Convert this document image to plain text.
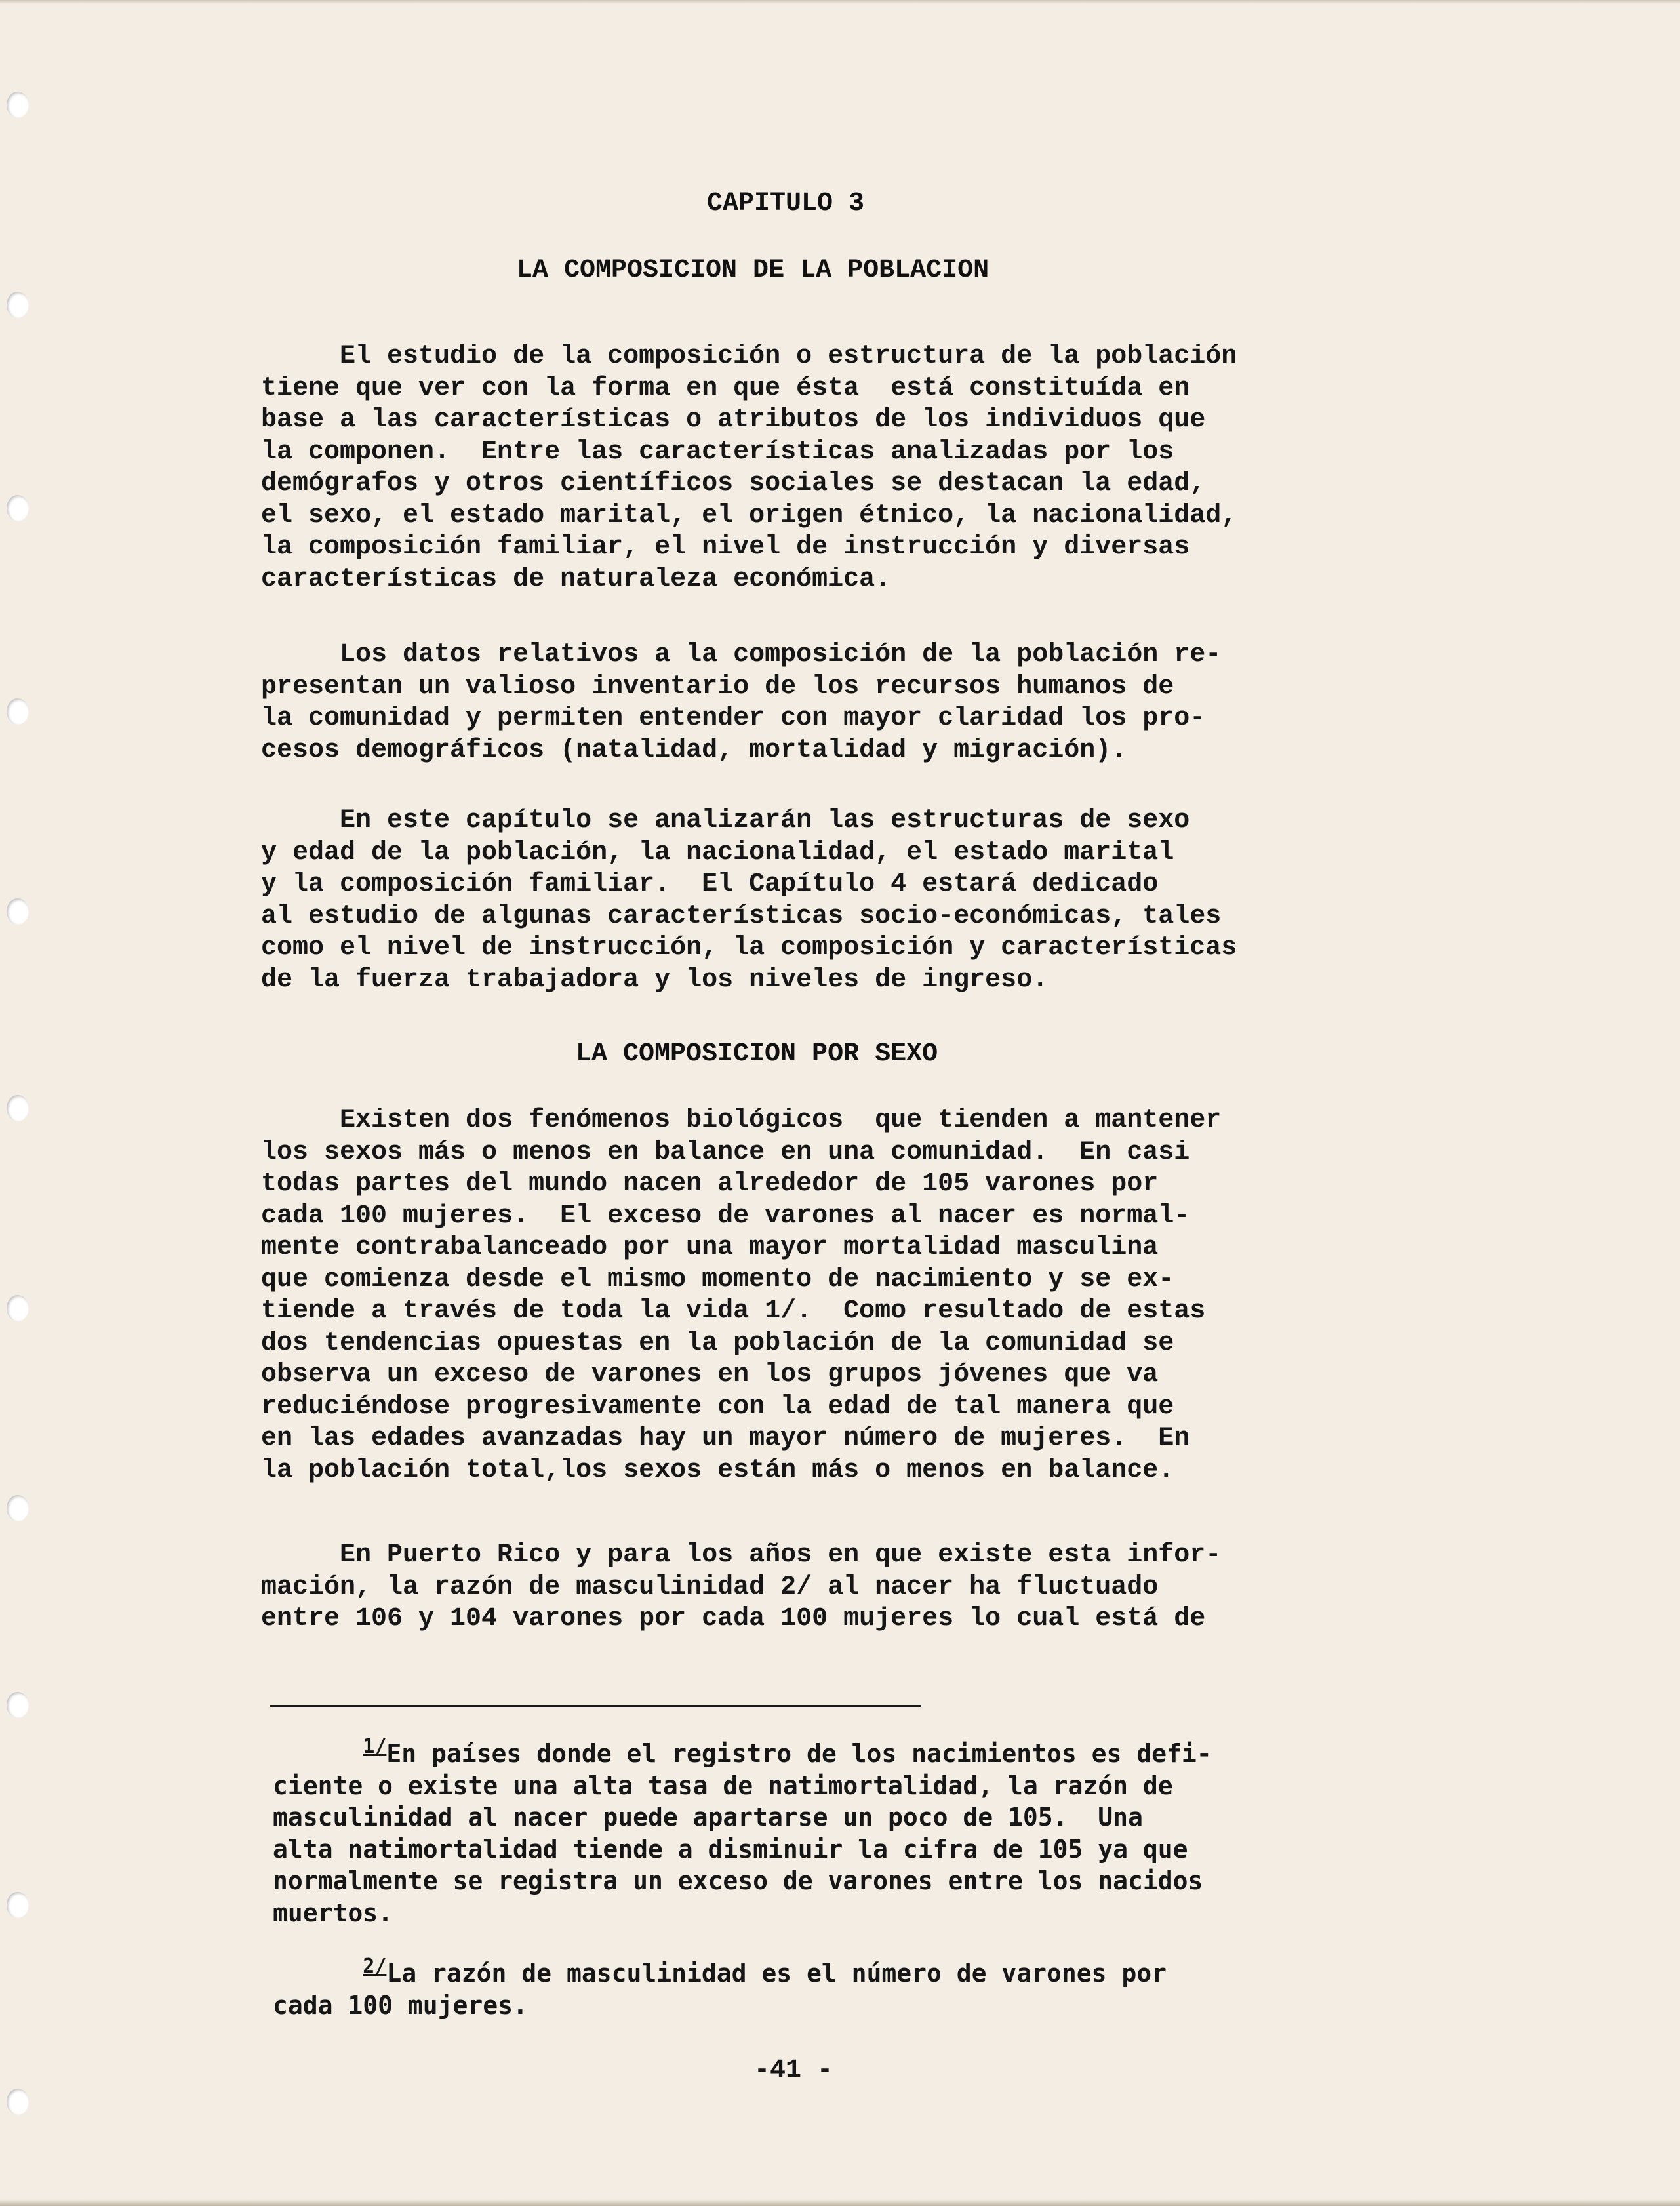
CAPITULO 3
LA COMPOSICION DE LA POBLACION
El estudio de la composición o estructura de la población
tiene que ver con la forma en que ésta  está constituída en
base a las características o atributos de los individuos que
la componen.  Entre las características analizadas por los
demógrafos y otros científicos sociales se destacan la edad,
el sexo, el estado marital, el origen étnico, la nacionalidad,
la composición familiar, el nivel de instrucción y diversas
características de naturaleza económica.
Los datos relativos a la composición de la población re-
presentan un valioso inventario de los recursos humanos de
la comunidad y permiten entender con mayor claridad los pro-
cesos demográficos (natalidad, mortalidad y migración).
En este capítulo se analizarán las estructuras de sexo
y edad de la población, la nacionalidad, el estado marital
y la composición familiar.  El Capítulo 4 estará dedicado
al estudio de algunas características socio-económicas, tales
como el nivel de instrucción, la composición y características
de la fuerza trabajadora y los niveles de ingreso.
LA COMPOSICION POR SEXO
Existen dos fenómenos biológicos  que tienden a mantener
los sexos más o menos en balance en una comunidad.  En casi
todas partes del mundo nacen alrededor de 105 varones por
cada 100 mujeres.  El exceso de varones al nacer es normal-
mente contrabalanceado por una mayor mortalidad masculina
que comienza desde el mismo momento de nacimiento y se ex-
tiende a través de toda la vida 1/.  Como resultado de estas
dos tendencias opuestas en la población de la comunidad se
observa un exceso de varones en los grupos jóvenes que va
reduciéndose progresivamente con la edad de tal manera que
en las edades avanzadas hay un mayor número de mujeres.  En
la población total,los sexos están más o menos en balance.
En Puerto Rico y para los años en que existe esta infor-
mación, la razón de masculinidad 2/ al nacer ha fluctuado
entre 106 y 104 varones por cada 100 mujeres lo cual está de
1/En países donde el registro de los nacimientos es defi-
ciente o existe una alta tasa de natimortalidad, la razón de
masculinidad al nacer puede apartarse un poco de 105.  Una
alta natimortalidad tiende a disminuir la cifra de 105 ya que
normalmente se registra un exceso de varones entre los nacidos
muertos.
2/La razón de masculinidad es el número de varones por
cada 100 mujeres.
-41 -
